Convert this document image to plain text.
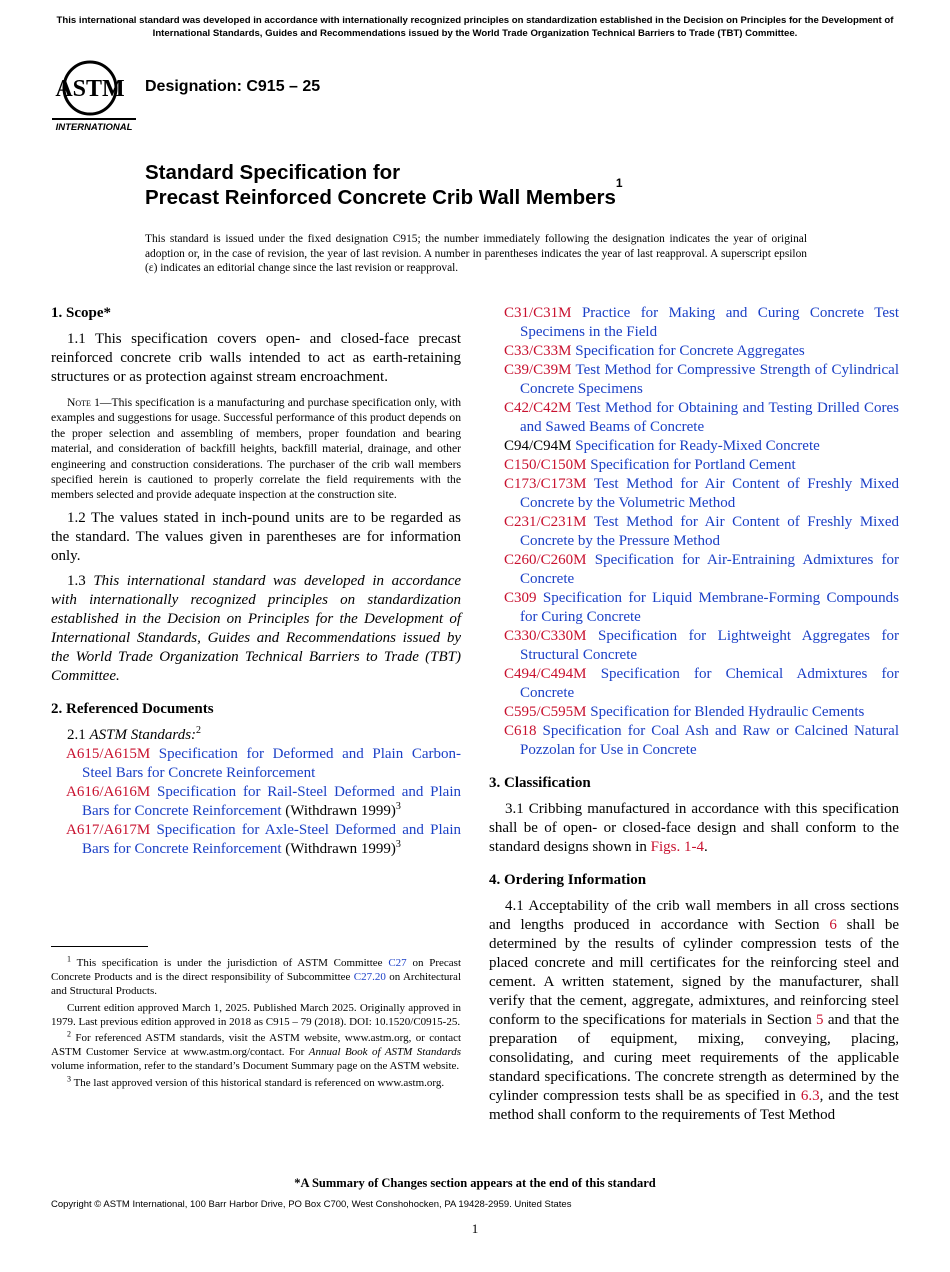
This international standard was developed in accordance with internationally recognized principles on standardization established in the Decision on Principles for the Development of International Standards, Guides and Recommendations issued by the World Trade Organization Technical Barriers to Trade (TBT) Committee.
ASTM
INTERNATIONAL
Designation: C915 – 25
Standard Specification for
Precast Reinforced Concrete Crib Wall Members$^1$
This standard is issued under the fixed designation C915; the number immediately following the designation indicates the year of original adoption or, in the case of revision, the year of last revision. A number in parentheses indicates the year of last reapproval. A superscript epsilon (ε) indicates an editorial change since the last revision or reapproval.
1. Scope*

1.1 This specification covers open- and closed-face precast reinforced concrete crib walls intended to act as earth-retaining structures or as protection against stream encroachment.

Note 1—This specification is a manufacturing and purchase specification only, with examples and suggestions for usage. Successful performance of this product depends on the proper selection and assembling of members, proper foundation and bearing material, and consideration of backfill heights, backfill material, drainage, and other engineering and construction considerations. The purchaser of the crib wall members specified herein is cautioned to properly correlate the field requirements with the members selected and provide adequate inspection at the construction site.

1.2 The values stated in inch-pound units are to be regarded as the standard. The values given in parentheses are for information only.

1.3 This international standard was developed in accordance with internationally recognized principles on standardization established in the Decision on Principles for the Development of International Standards, Guides and Recommendations issued by the World Trade Organization Technical Barriers to Trade (TBT) Committee.

2. Referenced Documents

2.1 ASTM Standards:$^2$

A615/A615M Specification for Deformed and Plain Carbon-Steel Bars for Concrete Reinforcement

A616/A616M Specification for Rail-Steel Deformed and Plain Bars for Concrete Reinforcement (Withdrawn 1999)$^3$

A617/A617M Specification for Axle-Steel Deformed and Plain Bars for Concrete Reinforcement (Withdrawn 1999)$^3$

$^1$ This specification is under the jurisdiction of ASTM Committee C27 on Precast Concrete Products and is the direct responsibility of Subcommittee C27.20 on Architectural and Structural Products.

Current edition approved March 1, 2025. Published March 2025. Originally approved in 1979. Last previous edition approved in 2018 as C915 – 79 (2018). DOI: 10.1520/C0915-25.

$^2$ For referenced ASTM standards, visit the ASTM website, www.astm.org, or contact ASTM Customer Service at www.astm.org/contact. For Annual Book of ASTM Standards volume information, refer to the standard’s Document Summary page on the ASTM website.

$^3$ The last approved version of this historical standard is referenced on www.astm.org.

C31/C31M Practice for Making and Curing Concrete Test Specimens in the Field

C33/C33M Specification for Concrete Aggregates

C39/C39M Test Method for Compressive Strength of Cylindrical Concrete Specimens

C42/C42M Test Method for Obtaining and Testing Drilled Cores and Sawed Beams of Concrete

C94/C94M Specification for Ready-Mixed Concrete

C150/C150M Specification for Portland Cement

C173/C173M Test Method for Air Content of Freshly Mixed Concrete by the Volumetric Method

C231/C231M Test Method for Air Content of Freshly Mixed Concrete by the Pressure Method

C260/C260M Specification for Air-Entraining Admixtures for Concrete

C309 Specification for Liquid Membrane-Forming Compounds for Curing Concrete

C330/C330M Specification for Lightweight Aggregates for Structural Concrete

C494/C494M Specification for Chemical Admixtures for Concrete

C595/C595M Specification for Blended Hydraulic Cements

C618 Specification for Coal Ash and Raw or Calcined Natural Pozzolan for Use in Concrete

3. Classification

3.1 Cribbing manufactured in accordance with this specification shall be of open- or closed-face design and shall conform to the standard designs shown in Figs. 1-4.

4. Ordering Information

4.1 Acceptability of the crib wall members in all cross sections and lengths produced in accordance with Section 6 shall be determined by the results of cylinder compression tests of the placed concrete and mill certificates for the reinforcing steel and cement. A written statement, signed by the manufacturer, shall verify that the cement, aggregate, admixtures, and reinforcing steel conform to the specifications for materials in Section 5 and that the preparation of equipment, mixing, conveying, placing, consolidating, and curing meet requirements of the applicable standard specifications. The concrete strength as determined by the cylinder compression tests shall be as specified in 6.3, and the test method shall conform to the requirements of Test Method

*A Summary of Changes section appears at the end of this standard
Copyright © ASTM International, 100 Barr Harbor Drive, PO Box C700, West Conshohocken, PA 19428-2959. United States
1
